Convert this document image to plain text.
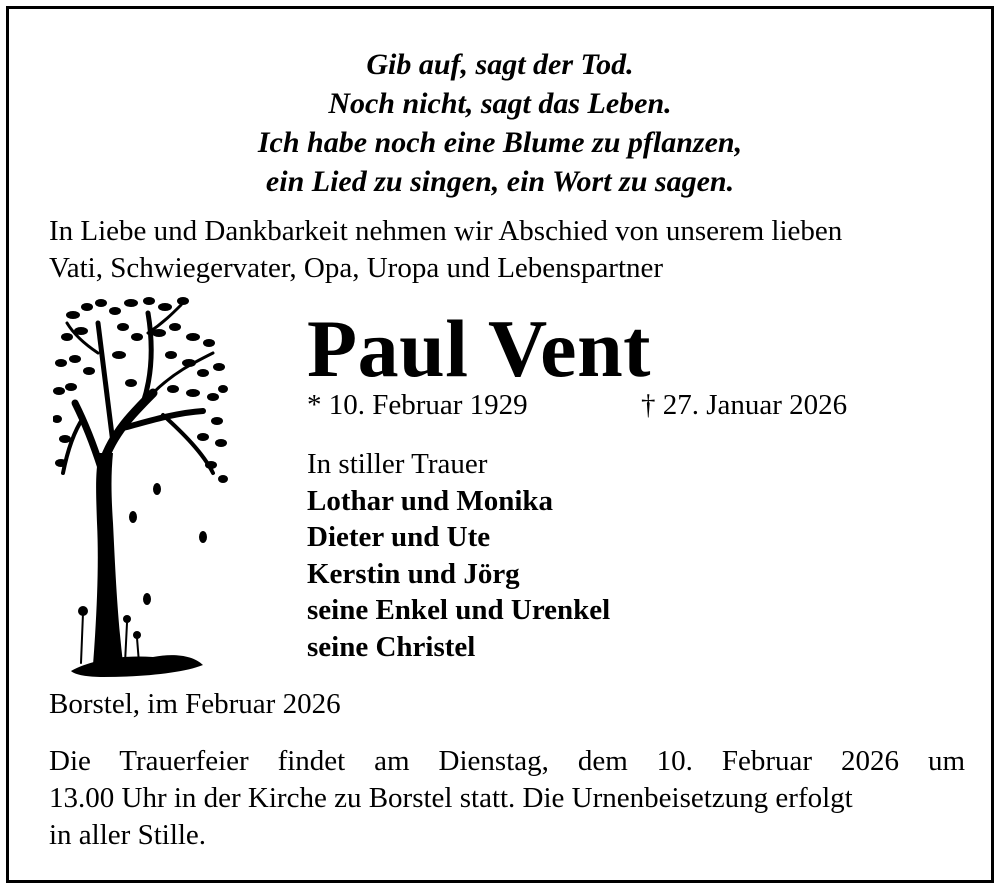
Gib auf, sagt der Tod.
Noch nicht, sagt das Leben.
Ich habe noch eine Blume zu pflanzen,
ein Lied zu singen, ein Wort zu sagen.
In Liebe und Dankbarkeit nehmen wir Abschied von unserem lieben
Vati, Schwiegervater, Opa, Uropa und Lebenspartner
Paul Vent
* 10. Februar 1929	† 27. Januar 2026
In stiller Trauer
Lothar und Monika
Dieter und Ute
Kerstin und Jörg
seine Enkel und Urenkel
seine Christel
Borstel, im Februar 2026
Die Trauerfeier findet am Dienstag, dem 10. Februar 2026 um
13.00 Uhr in der Kirche zu Borstel statt. Die Urnenbeisetzung erfolgt
in aller Stille.
